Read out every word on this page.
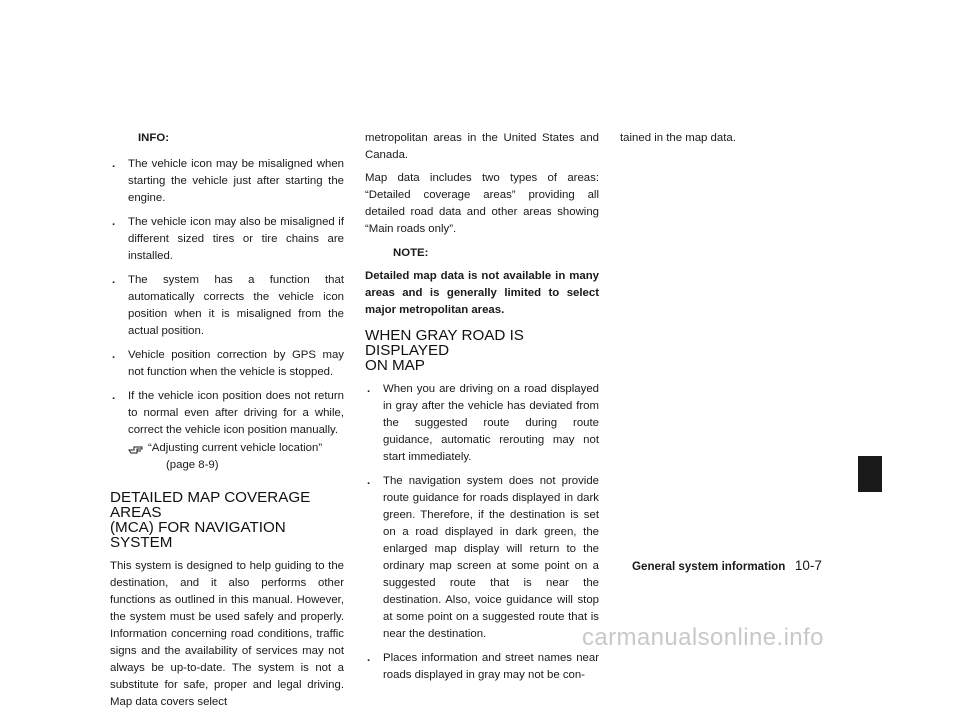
INFO:
. The vehicle icon may be misaligned when starting the vehicle just after starting the engine.
. The vehicle icon may also be misaligned if different sized tires or tire chains are installed.
. The system has a function that automatically corrects the vehicle icon position when it is misaligned from the actual position.
. Vehicle position correction by GPS may not function when the vehicle is stopped.
. If the vehicle icon position does not return to normal even after driving for a while, correct the vehicle icon position manually.
“Adjusting current vehicle location”
(page 8-9)
DETAILED MAP COVERAGE AREAS
(MCA) FOR NAVIGATION SYSTEM

This system is designed to help guiding to the destination, and it also performs other functions as outlined in this manual. However, the system must be used safely and properly. Information concerning road conditions, traffic signs and the availability of services may not always be up-to-date. The system is not a substitute for safe, proper and legal driving. Map data covers select

metropolitan areas in the United States and Canada.

Map data includes two types of areas: “Detailed coverage areas” providing all detailed road data and other areas showing “Main roads only”.

NOTE:
Detailed map data is not available in many areas and is generally limited to select major metropolitan areas.
WHEN GRAY ROAD IS DISPLAYED
ON MAP
. When you are driving on a road displayed in gray after the vehicle has deviated from the suggested route during route guidance, automatic rerouting may not start immediately.
. The navigation system does not provide route guidance for roads displayed in dark green. Therefore, if the destination is set on a road displayed in dark green, the enlarged map display will return to the ordinary map screen at some point on a suggested route that is near the destination. Also, voice guidance will stop at some point on a suggested route that is near the destination.
. Places information and street names near roads displayed in gray may not be con-

tained in the map data.

General system information 10-7
carmanualsonline.info
